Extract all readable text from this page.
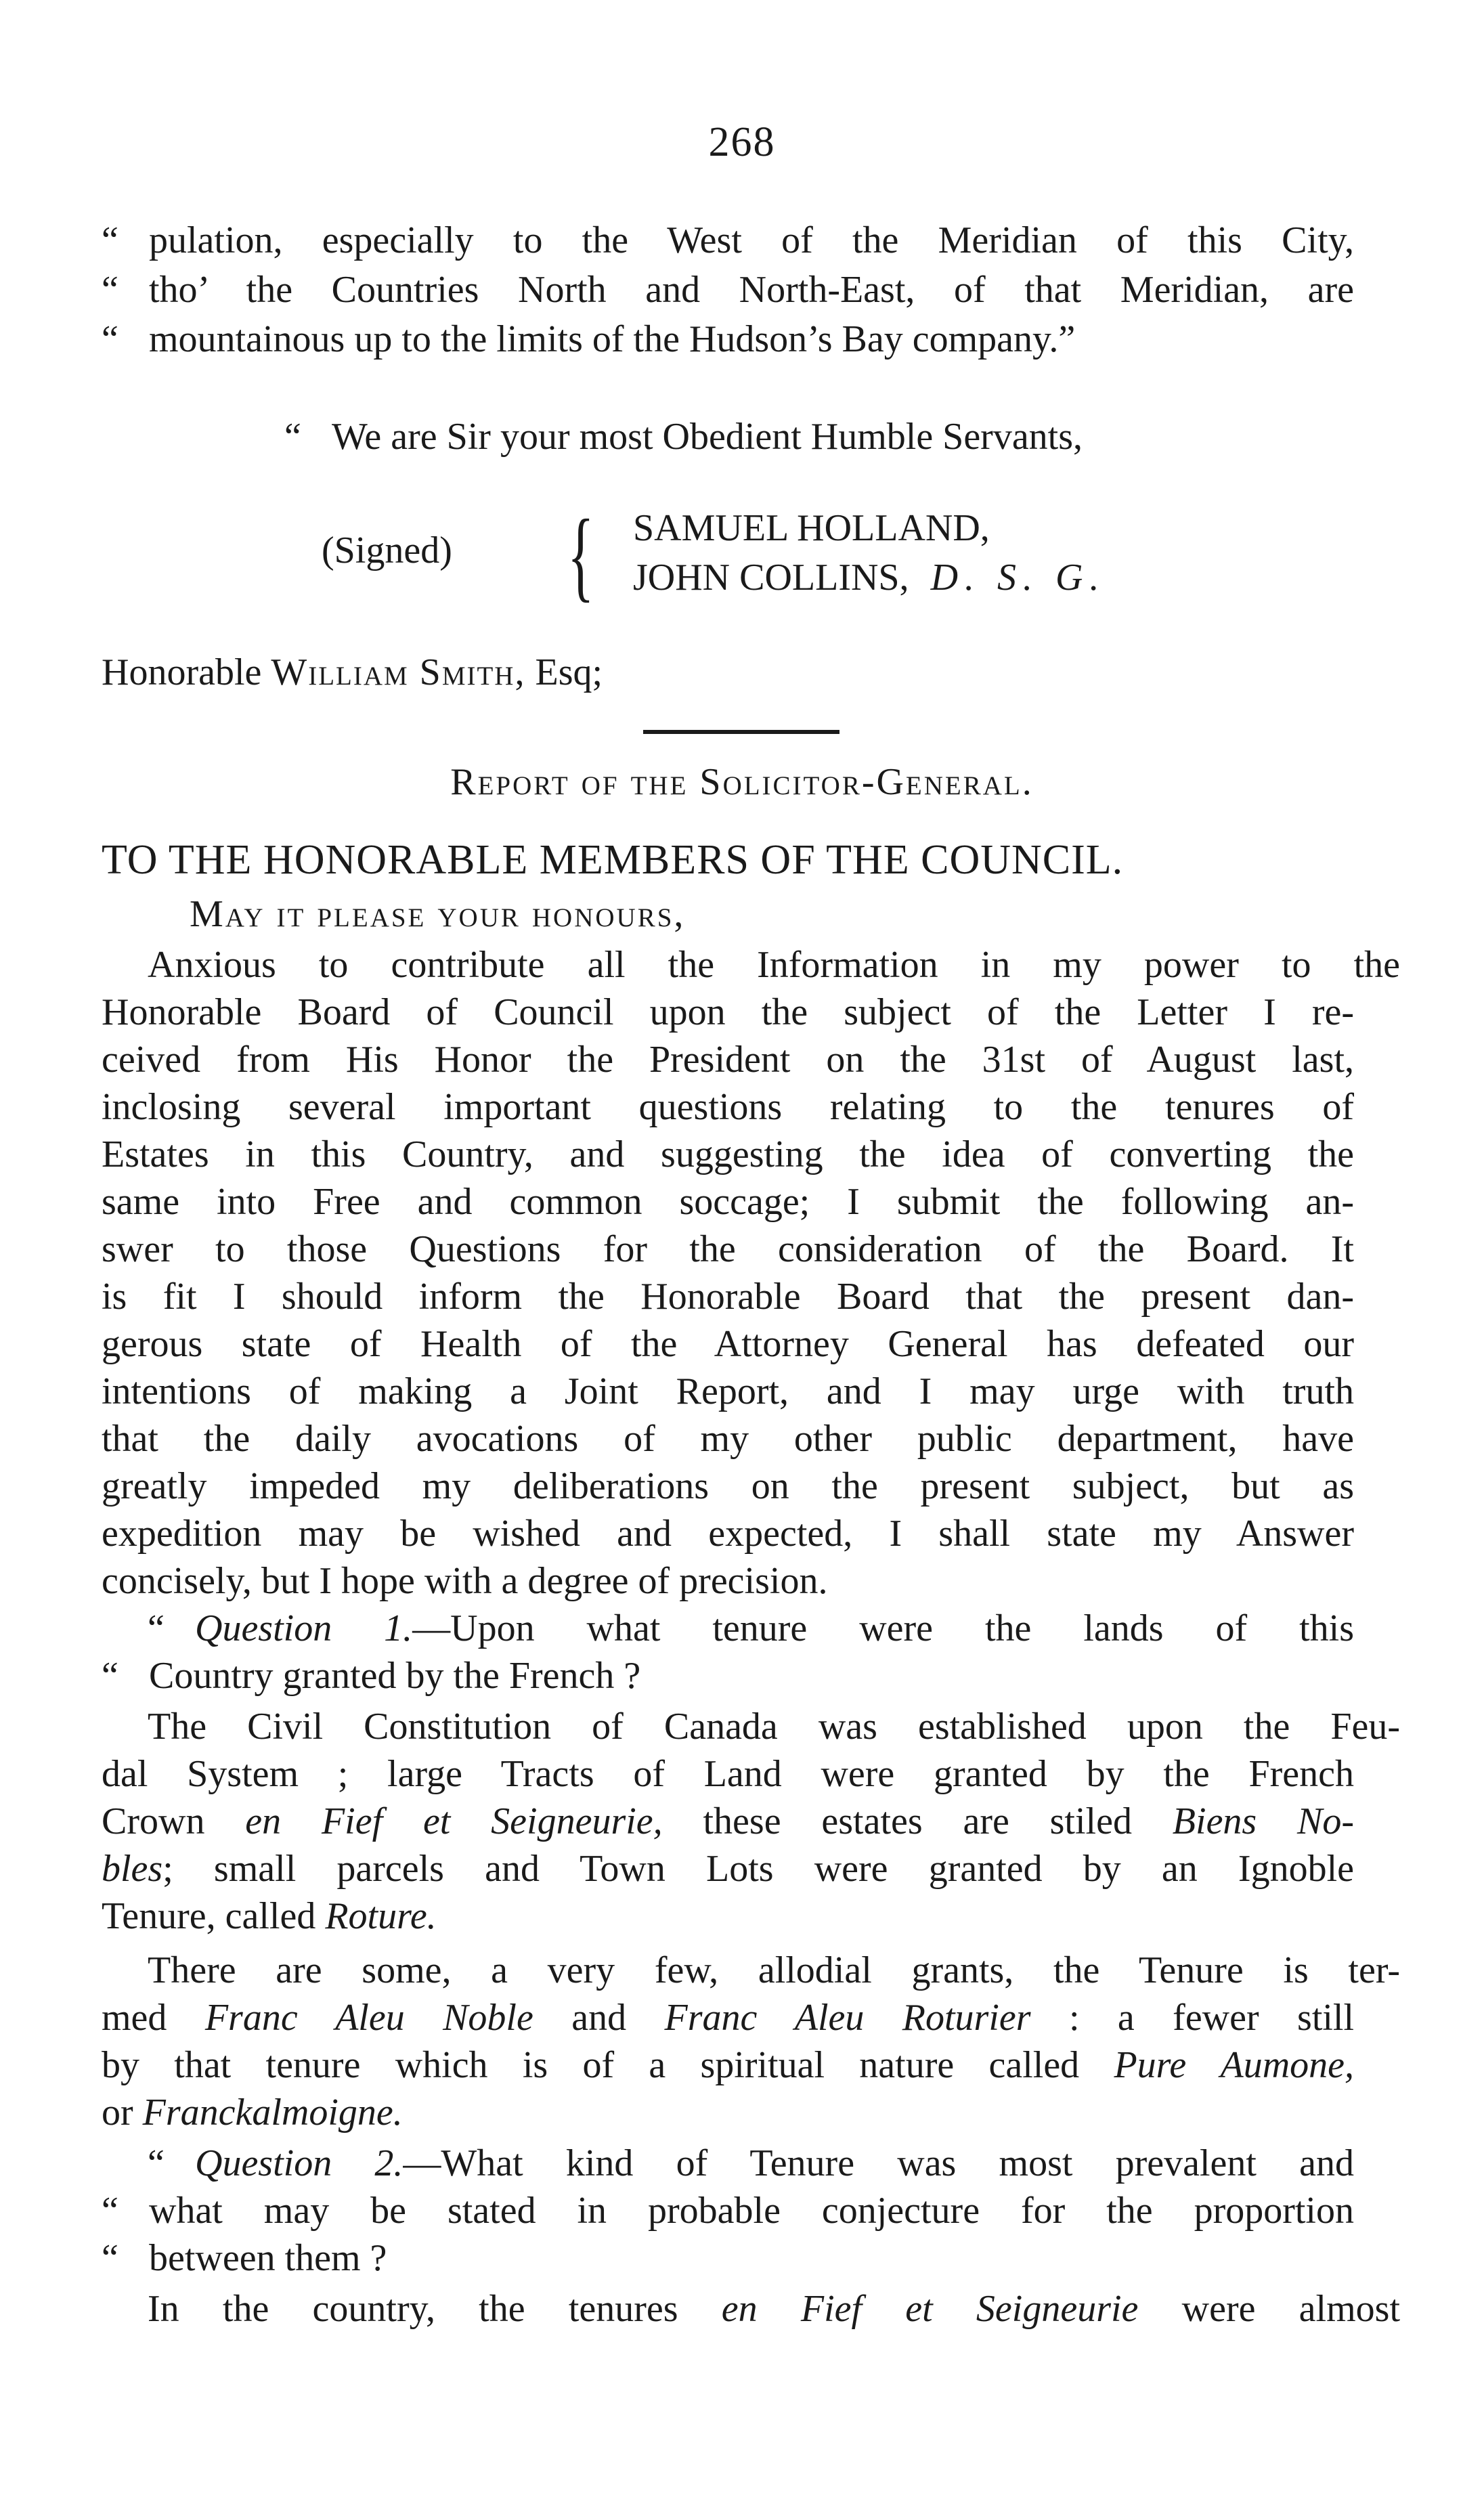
268
“ pulation, especially to the West of the Meridian of this City,
“ tho’ the Countries North and North-East, of that Meridian, are
“ mountainous up to the limits of the Hudson’s Bay company.”
“ We are Sir your most Obedient Humble Servants,
(Signed) { SAMUEL HOLLAND,
JOHN COLLINS, D. S. G.
Honorable William Smith, Esq;
Report of the Solicitor-General.
TO THE HONORABLE MEMBERS OF THE COUNCIL.
May it please your honours,
Anxious to contribute all the Information in my power to the
Honorable Board of Council upon the subject of the Letter I re-
ceived from His Honor the President on the 31st of August last,
inclosing several important questions relating to the tenures of
Estates in this Country, and suggesting the idea of converting the
same into Free and common soccage; I submit the following an-
swer to those Questions for the consideration of the Board. It
is fit I should inform the Honorable Board that the present dan-
gerous state of Health of the Attorney General has defeated our
intentions of making a Joint Report, and I may urge with truth
that the daily avocations of my other public department, have
greatly impeded my deliberations on the present subject, but as
expedition may be wished and expected, I shall state my Answer
concisely, but I hope with a degree of precision.
“ Question 1.—Upon what tenure were the lands of this
“ Country granted by the French ?
The Civil Constitution of Canada was established upon the Feu-
dal System ; large Tracts of Land were granted by the French
Crown en Fief et Seigneurie, these estates are stiled Biens No-
bles; small parcels and Town Lots were granted by an Ignoble
Tenure, called Roture.
There are some, a very few, allodial grants, the Tenure is ter-
med Franc Aleu Noble and Franc Aleu Roturier : a fewer still
by that tenure which is of a spiritual nature called Pure Aumone,
or Franckalmoigne.
“ Question 2.—What kind of Tenure was most prevalent and
“ what may be stated in probable conjecture for the proportion
“ between them ?
In the country, the tenures en Fief et Seigneurie were almost
